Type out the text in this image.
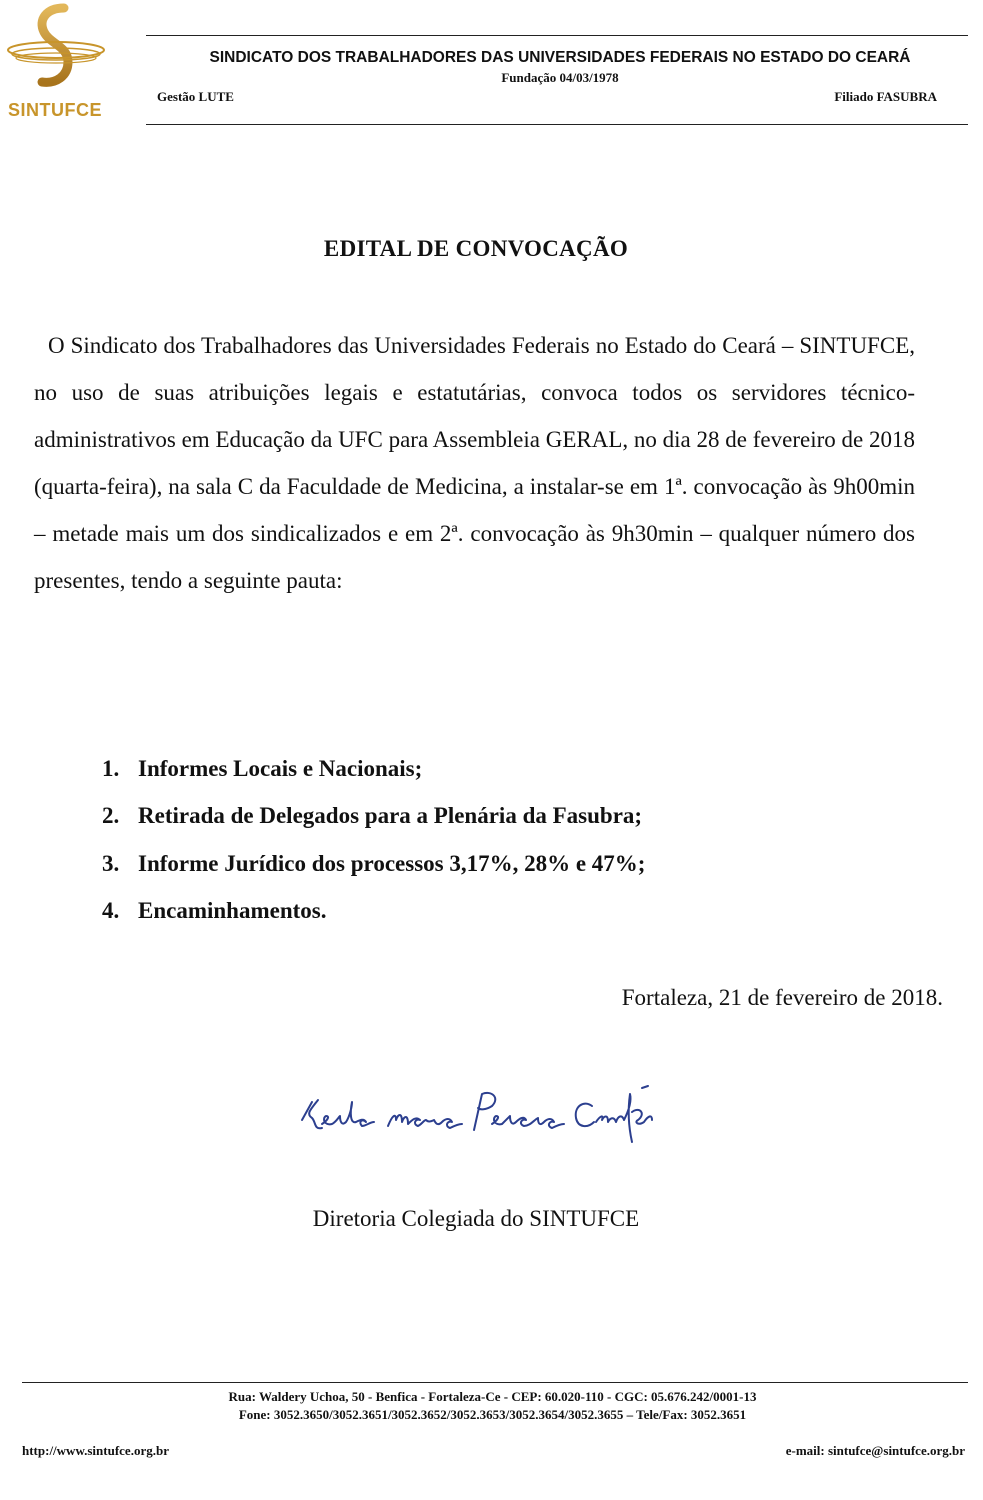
SINTUFCE
SINDICATO DOS TRABALHADORES DAS UNIVERSIDADES FEDERAIS NO ESTADO DO CEARÁ
Fundação 04/03/1978
Gestão LUTE	Filiado FASUBRA
EDITAL DE CONVOCAÇÃO

O Sindicato dos Trabalhadores das Universidades Federais no Estado do Ceará – SINTUFCE, no uso de suas atribuições legais e estatutárias, convoca todos os servidores técnico-administrativos em Educação da UFC para Assembleia GERAL, no dia 28 de fevereiro de 2018 (quarta-feira), na sala C da Faculdade de Medicina, a instalar-se em 1ª. convocação às 9h00min – metade mais um dos sindicalizados e em 2ª. convocação às 9h30min – qualquer número dos presentes, tendo a seguinte pauta:

1. Informes Locais e Nacionais;
2. Retirada de Delegados para a Plenária da Fasubra;
3. Informe Jurídico dos processos 3,17%, 28% e 47%;
4. Encaminhamentos.
Fortaleza, 21 de fevereiro de 2018.
Diretoria Colegiada do SINTUFCE
Rua: Waldery Uchoa, 50 - Benfica - Fortaleza-Ce - CEP: 60.020-110 - CGC: 05.676.242/0001-13
Fone: 3052.3650/3052.3651/3052.3652/3052.3653/3052.3654/3052.3655 – Tele/Fax: 3052.3651
http://www.sintufce.org.br	e-mail: sintufce@sintufce.org.br
